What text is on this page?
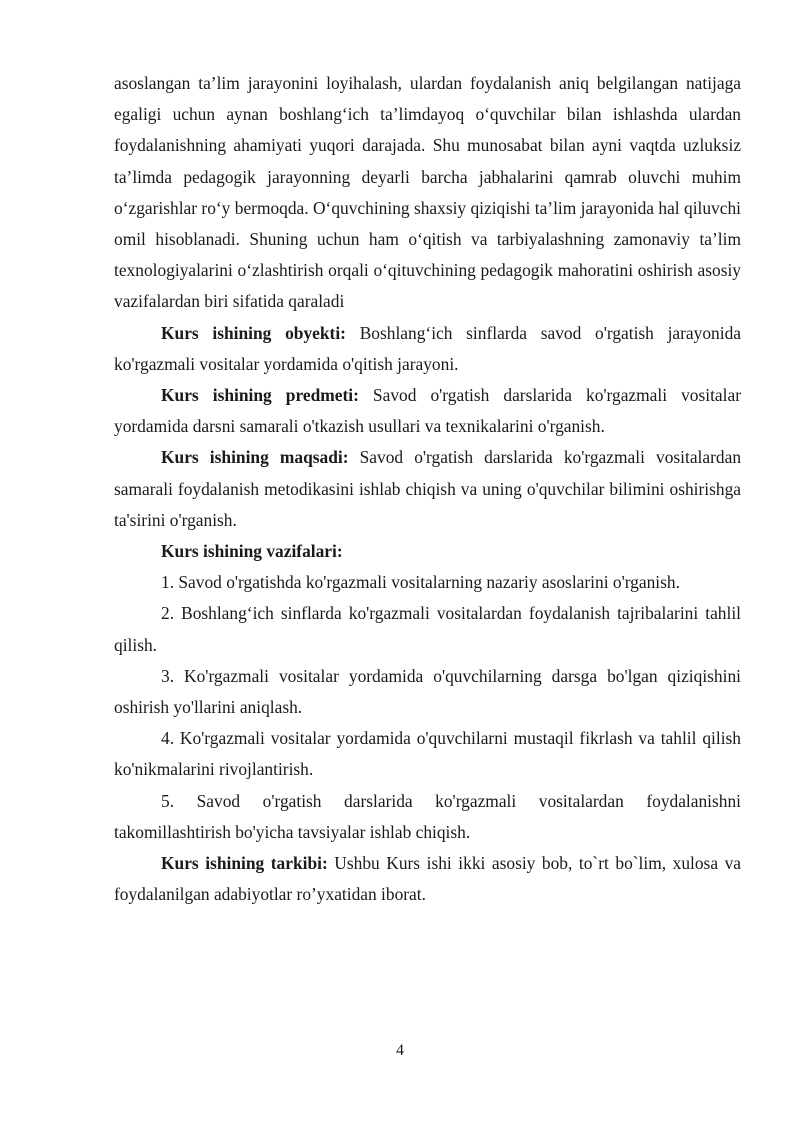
asoslangan ta’lim jarayonini loyihalash, ulardan foydalanish aniq belgilangan natijaga egaligi uchun aynan boshlang‘ich ta’limdayoq o‘quvchilar bilan ishlashda ulardan foydalanishning ahamiyati yuqori darajada. Shu munosabat bilan ayni vaqtda uzluksiz ta’limda pedagogik jarayonning deyarli barcha jabhalarini qamrab oluvchi muhim o‘zgarishlar ro‘y bermoqda. O‘quvchining shaxsiy qiziqishi ta’lim jarayonida hal qiluvchi omil hisoblanadi. Shuning uchun ham o‘qitish va tarbiyalashning zamonaviy ta’lim texnologiyalarini o‘zlashtirish orqali o‘qituvchining pedagogik mahoratini oshirish asosiy vazifalardan biri sifatida qaraladi

Kurs ishining obyekti: Boshlang‘ich sinflarda savod o'rgatish jarayonida ko'rgazmali vositalar yordamida o'qitish jarayoni.

Kurs ishining predmeti: Savod o'rgatish darslarida ko'rgazmali vositalar yordamida darsni samarali o'tkazish usullari va texnikalarini o'rganish.

Kurs ishining maqsadi: Savod o'rgatish darslarida ko'rgazmali vositalardan samarali foydalanish metodikasini ishlab chiqish va uning o'quvchilar bilimini oshirishga ta'sirini o'rganish.

Kurs ishining vazifalari:

1. Savod o'rgatishda ko'rgazmali vositalarning nazariy asoslarini o'rganish.

2. Boshlang‘ich sinflarda ko'rgazmali vositalardan foydalanish tajribalarini tahlil qilish.

3. Ko'rgazmali vositalar yordamida o'quvchilarning darsga bo'lgan qiziqishini oshirish yo'llarini aniqlash.

4. Ko'rgazmali vositalar yordamida o'quvchilarni mustaqil fikrlash va tahlil qilish ko'nikmalarini rivojlantirish.

5. Savod o'rgatish darslarida ko'rgazmali vositalardan foydalanishni takomillashtirish bo'yicha tavsiyalar ishlab chiqish.

Kurs ishining tarkibi: Ushbu Kurs ishi ikki asosiy bob, to`rt bo`lim, xulosa va foydalanilgan adabiyotlar ro’yxatidan iborat.

4
